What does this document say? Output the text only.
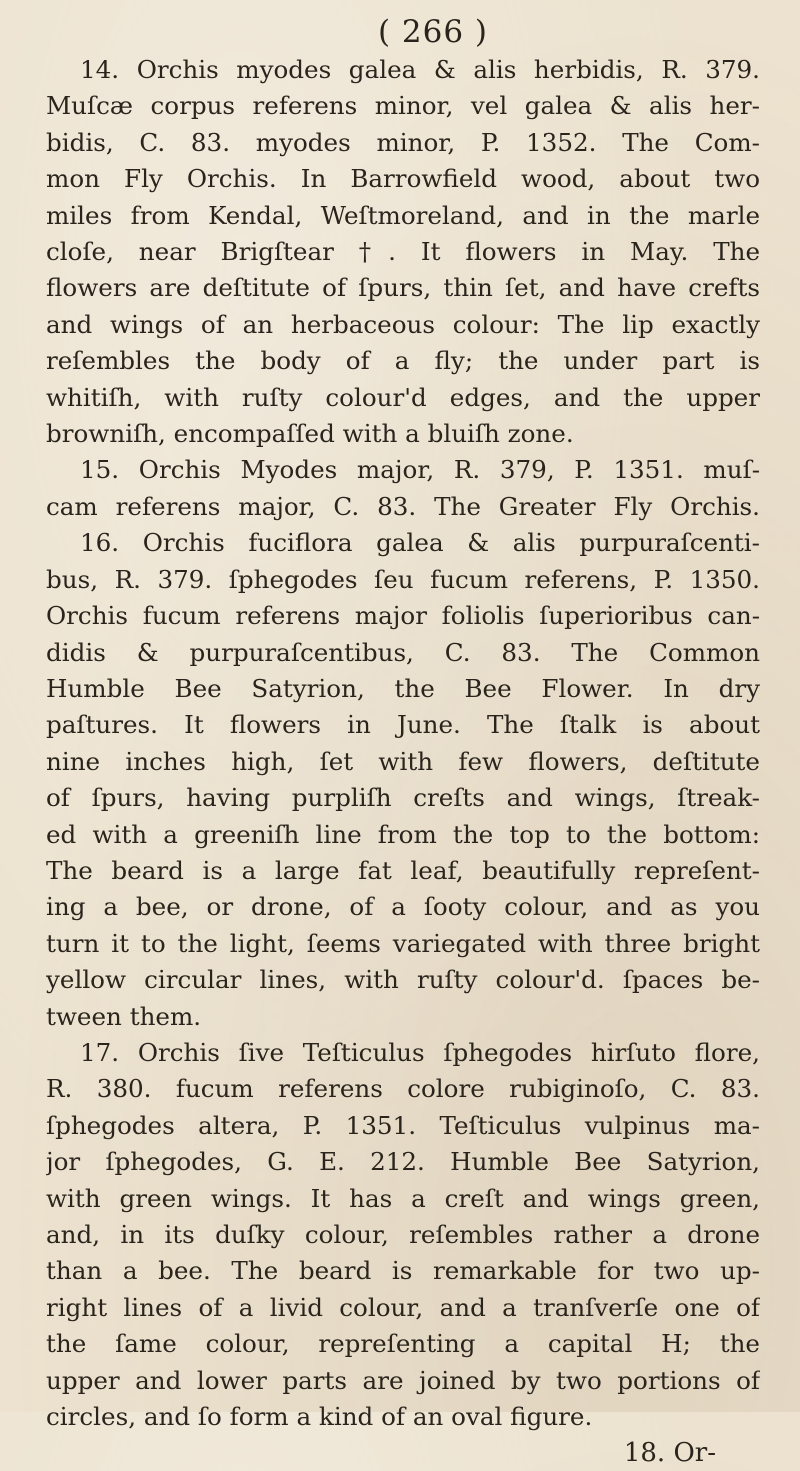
( 266 )
14. Orchis myodes galea & alis herbidis, R. 379.
Muſcæ corpus referens minor, vel galea & alis her-
bidis, C. 83. myodes minor, P. 1352. The Com-
mon Fly Orchis. In Barrowfield wood, about two
miles from Kendal, Weſtmoreland, and in the marle
cloſe, near Brigſtear †. It flowers in May. The
flowers are deſtitute of ſpurs, thin ſet, and have crefts
and wings of an herbaceous colour: The lip exactly
reſembles the body of a fly; the under part is
whitiſh, with ruſty colour'd edges, and the upper
browniſh, encompaſſed with a bluiſh zone.
15. Orchis Myodes major, R. 379, P. 1351. muſ-
cam referens major, C. 83. The Greater Fly Orchis.
16. Orchis fuciflora galea & alis purpuraſcenti-
bus, R. 379. ſphegodes ſeu fucum referens, P. 1350.
Orchis fucum referens major foliolis ſuperioribus can-
didis & purpuraſcentibus, C. 83. The Common
Humble Bee Satyrion, the Bee Flower. In dry
paſtures. It flowers in June. The ſtalk is about
nine inches high, ſet with few flowers, deſtitute
of ſpurs, having purpliſh creſts and wings, ſtreak-
ed with a greeniſh line from the top to the bottom:
The beard is a large fat leaf, beautifully repreſent-
ing a bee, or drone, of a ſooty colour, and as you
turn it to the light, ſeems variegated with three bright
yellow circular lines, with ruſty colour'd. ſpaces be-
tween them.
17. Orchis ſive Teſticulus ſphegodes hirſuto flore,
R. 380. fucum referens colore rubiginoſo, C. 83.
ſphegodes altera, P. 1351. Teſticulus vulpinus ma-
jor ſphegodes, G. E. 212. Humble Bee Satyrion,
with green wings. It has a creſt and wings green,
and, in its duſky colour, reſembles rather a drone
than a bee. The beard is remarkable for two up-
right lines of a livid colour, and a tranſverſe one of
the ſame colour, repreſenting a capital H; the
upper and lower parts are joined by two portions of
circles, and ſo form a kind of an oval figure.
18. Or-
